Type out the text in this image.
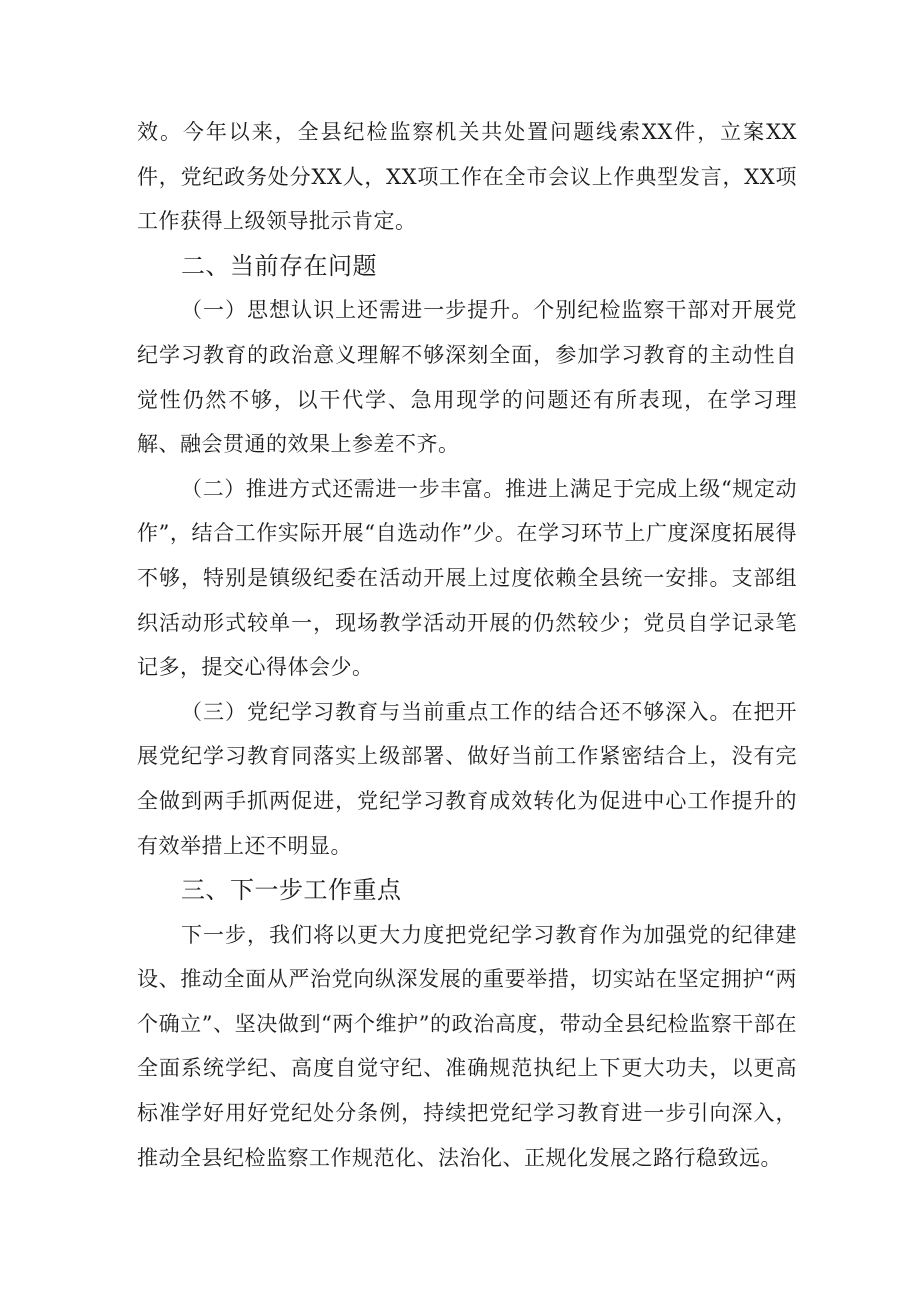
效。今年以来，全县纪检监察机关共处置问题线索XX件，立案XX件，党纪政务处分XX人，XX项工作在全市会议上作典型发言，XX项工作获得上级领导批示肯定。

二、当前存在问题

（一）思想认识上还需进一步提升。个别纪检监察干部对开展党纪学习教育的政治意义理解不够深刻全面，参加学习教育的主动性自觉性仍然不够，以干代学、急用现学的问题还有所表现，在学习理解、融会贯通的效果上参差不齐。

（二）推进方式还需进一步丰富。推进上满足于完成上级“规定动作”，结合工作实际开展“自选动作”少。在学习环节上广度深度拓展得不够，特别是镇级纪委在活动开展上过度依赖全县统一安排。支部组织活动形式较单一，现场教学活动开展的仍然较少；党员自学记录笔记多，提交心得体会少。

（三）党纪学习教育与当前重点工作的结合还不够深入。在把开展党纪学习教育同落实上级部署、做好当前工作紧密结合上，没有完全做到两手抓两促进，党纪学习教育成效转化为促进中心工作提升的有效举措上还不明显。

三、下一步工作重点

下一步，我们将以更大力度把党纪学习教育作为加强党的纪律建设、推动全面从严治党向纵深发展的重要举措，切实站在坚定拥护“两个确立”、坚决做到“两个维护”的政治高度，带动全县纪检监察干部在全面系统学纪、高度自觉守纪、准确规范执纪上下更大功夫，以更高标准学好用好党纪处分条例，持续把党纪学习教育进一步引向深入，推动全县纪检监察工作规范化、法治化、正规化发展之路行稳致远。
